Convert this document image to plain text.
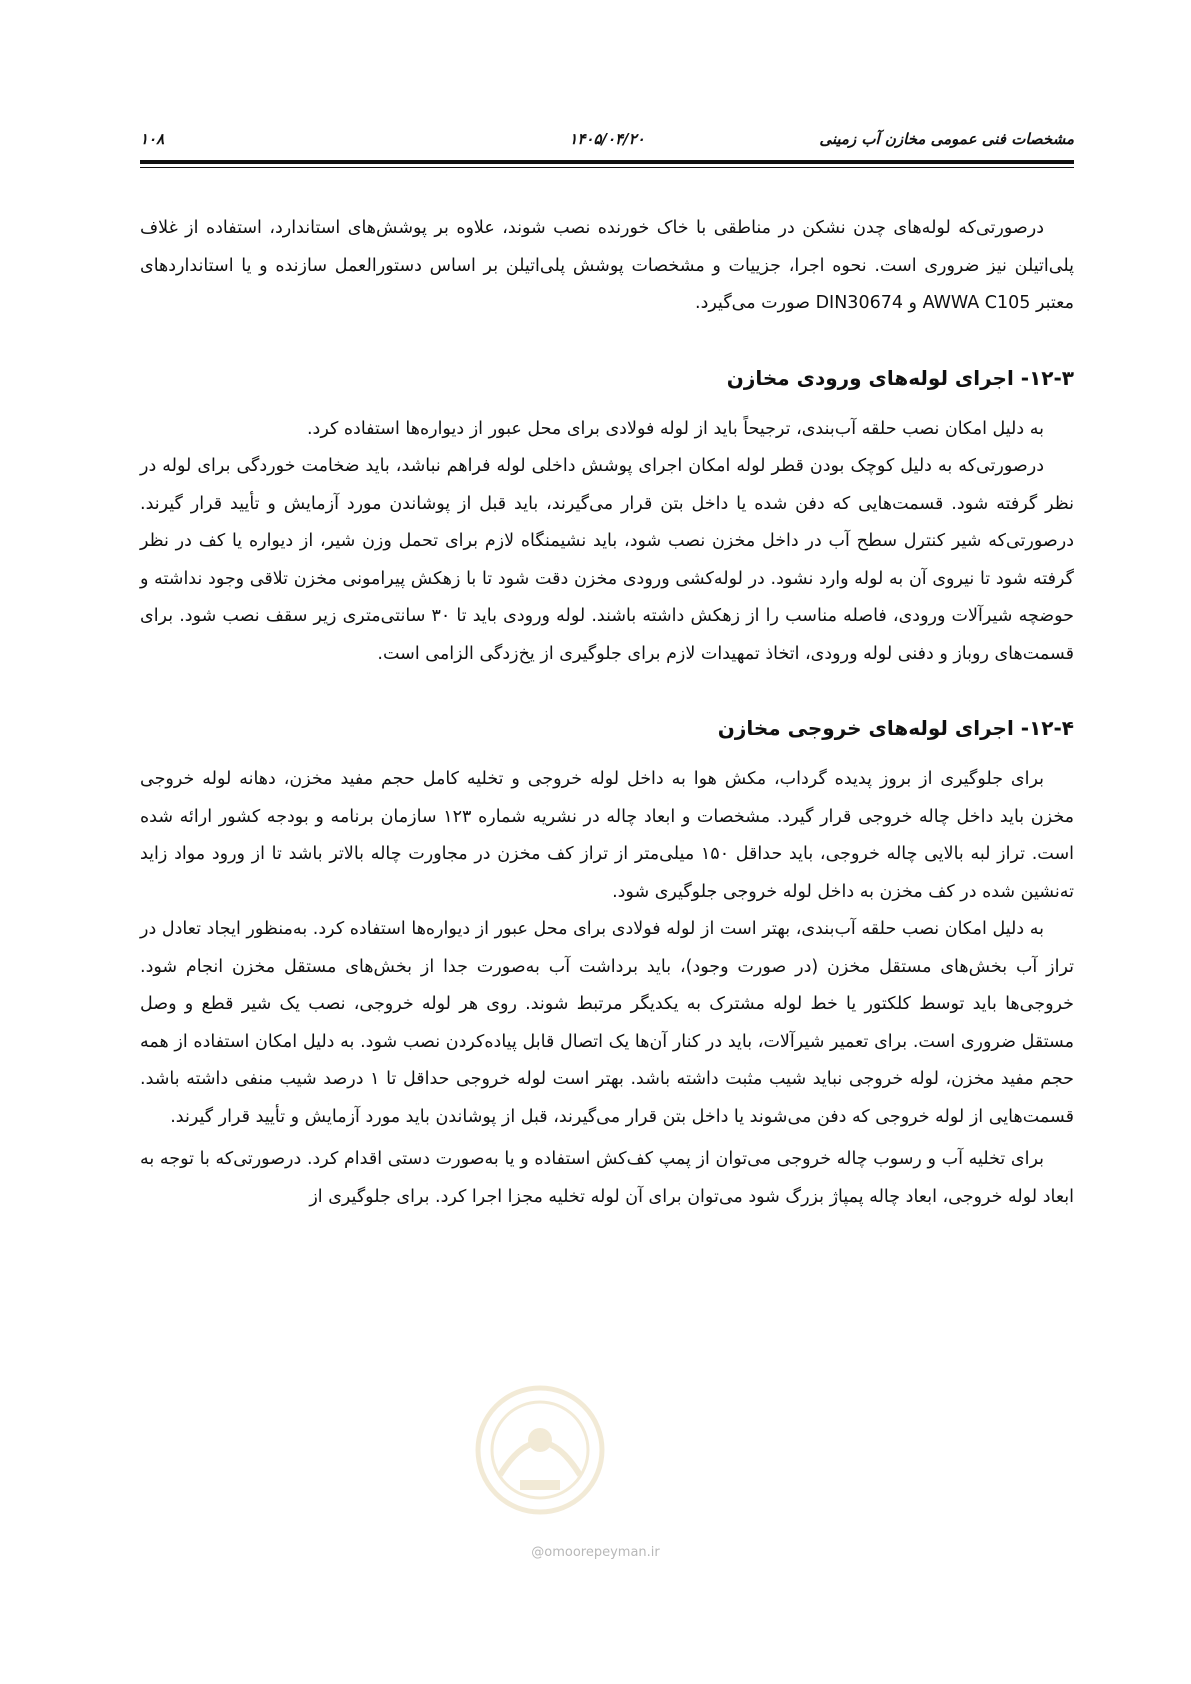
مشخصات فنی عمومی مخازن آب زمینی
۱۴۰۵/۰۴/۲۰
۱۰۸

درصورتی‌که لوله‌های چدن نشکن در مناطقی با خاک خورنده نصب شوند، علاوه بر پوشش‌های استاندارد، استفاده از غلاف پلی‌اتیلن نیز ضروری است. نحوه اجرا، جزییات و مشخصات پوشش پلی‌اتیلن بر اساس دستورالعمل سازنده و یا استانداردهای معتبر AWWA C105 و DIN30674 صورت می‌گیرد.

۱۲-۳- اجرای لوله‌های ورودی مخازن

به دلیل امکان نصب حلقه آب‌بندی، ترجیحاً باید از لوله فولادی برای محل عبور از دیواره‌ها استفاده کرد.

درصورتی‌که به دلیل کوچک بودن قطر لوله امکان اجرای پوشش داخلی لوله فراهم نباشد، باید ضخامت خوردگی برای لوله در نظر گرفته شود. قسمت‌هایی که دفن شده یا داخل بتن قرار می‌گیرند، باید قبل از پوشاندن مورد آزمایش و تأیید قرار گیرند. درصورتی‌که شیر کنترل سطح آب در داخل مخزن نصب شود، باید نشیمنگاه لازم برای تحمل وزن شیر، از دیواره یا کف در نظر گرفته شود تا نیروی آن به لوله وارد نشود. در لوله‌کشی ورودی مخزن دقت شود تا با زهکش پیرامونی مخزن تلاقی وجود نداشته و حوضچه شیرآلات ورودی، فاصله مناسب را از زهکش داشته باشند. لوله ورودی باید تا ۳۰ سانتی‌متری زیر سقف نصب شود. برای قسمت‌های روباز و دفنی لوله ورودی، اتخاذ تمهیدات لازم برای جلوگیری از یخ‌زدگی الزامی است.

۱۲-۴- اجرای لوله‌های خروجی مخازن

برای جلوگیری از بروز پدیده گرداب، مکش هوا به داخل لوله خروجی و تخلیه کامل حجم مفید مخزن، دهانه لوله خروجی مخزن باید داخل چاله خروجی قرار گیرد. مشخصات و ابعاد چاله در نشریه شماره ۱۲۳ سازمان برنامه و بودجه کشور ارائه شده است. تراز لبه بالایی چاله خروجی، باید حداقل ۱۵۰ میلی‌متر از تراز کف مخزن در مجاورت چاله بالاتر باشد تا از ورود مواد زاید ته‌نشین شده در کف مخزن به داخل لوله خروجی جلوگیری شود.

به دلیل امکان نصب حلقه آب‌بندی، بهتر است از لوله فولادی برای محل عبور از دیواره‌ها استفاده کرد. به‌منظور ایجاد تعادل در تراز آب بخش‌های مستقل مخزن (در صورت وجود)، باید برداشت آب به‌صورت جدا از بخش‌های مستقل مخزن انجام شود. خروجی‌ها باید توسط کلکتور یا خط لوله مشترک به یکدیگر مرتبط شوند. روی هر لوله خروجی، نصب یک شیر قطع و وصل مستقل ضروری است. برای تعمیر شیرآلات، باید در کنار آن‌ها یک اتصال قابل پیاده‌کردن نصب شود. به دلیل امکان استفاده از همه حجم مفید مخزن، لوله خروجی نباید شیب مثبت داشته باشد. بهتر است لوله خروجی حداقل تا ۱ درصد شیب منفی داشته باشد. قسمت‌هایی از لوله خروجی که دفن می‌شوند یا داخل بتن قرار می‌گیرند، قبل از پوشاندن باید مورد آزمایش و تأیید قرار گیرند.

برای تخلیه آب و رسوب چاله خروجی می‌توان از پمپ کف‌کش استفاده و یا به‌صورت دستی اقدام کرد. درصورتی‌که با توجه به ابعاد لوله خروجی، ابعاد چاله پمپاژ بزرگ شود می‌توان برای آن لوله تخلیه مجزا اجرا کرد. برای جلوگیری از

@omoorepeyman.ir
